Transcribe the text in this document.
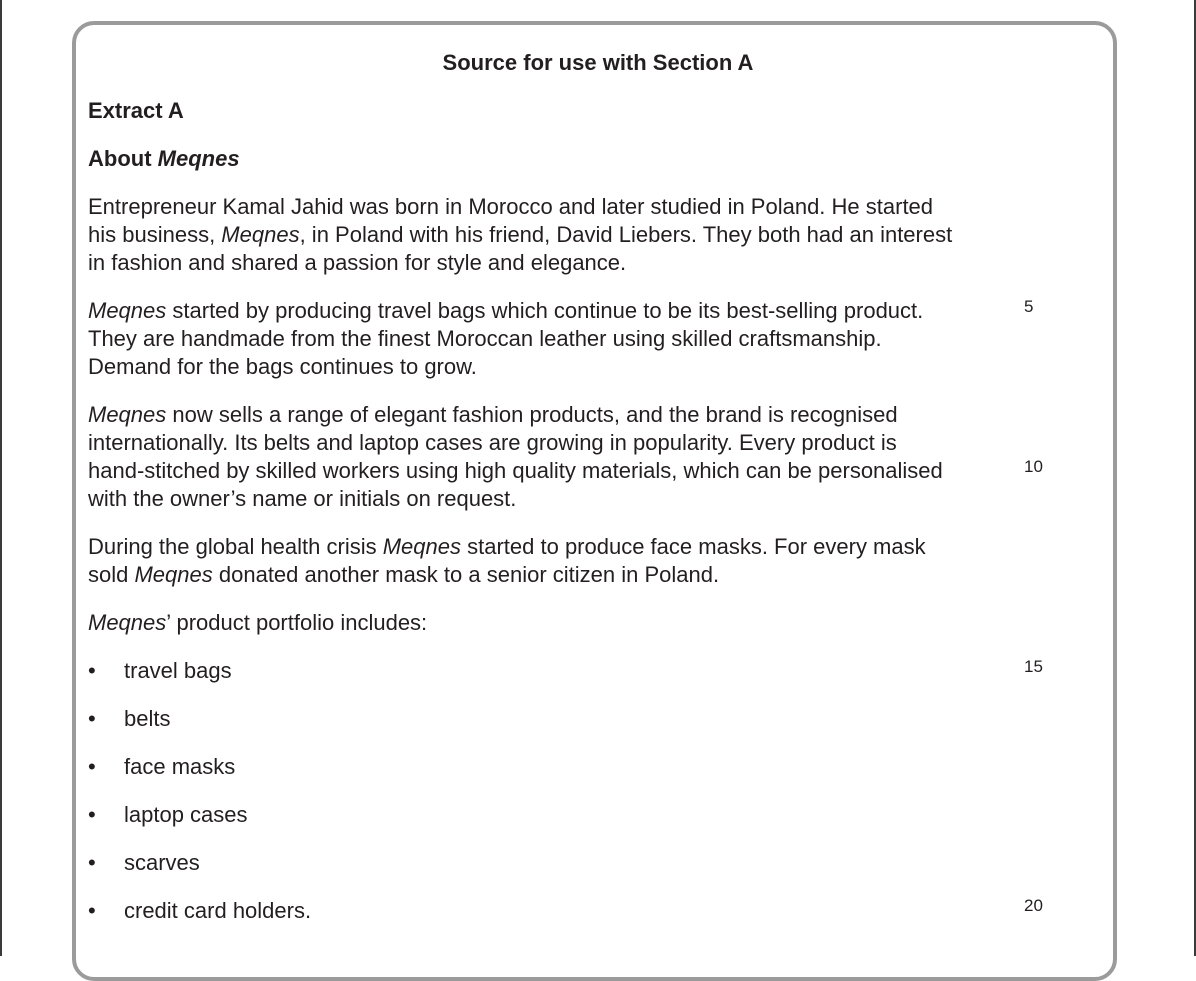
Source for use with Section A
Extract A
About Meqnes
Entrepreneur Kamal Jahid was born in Morocco and later studied in Poland. He started
his business, Meqnes, in Poland with his friend, David Liebers. They both had an interest
in fashion and shared a passion for style and elegance.
Meqnes started by producing travel bags which continue to be its best-selling product.
They are handmade from the finest Moroccan leather using skilled craftsmanship.
Demand for the bags continues to grow.
Meqnes now sells a range of elegant fashion products, and the brand is recognised
internationally. Its belts and laptop cases are growing in popularity. Every product is
hand-stitched by skilled workers using high quality materials, which can be personalised
with the owner’s name or initials on request.
During the global health crisis Meqnes started to produce face masks. For every mask
sold Meqnes donated another mask to a senior citizen in Poland.
Meqnes’ product portfolio includes:
• travel bags
• belts
• face masks
• laptop cases
• scarves
• credit card holders.
5
10
15
20
